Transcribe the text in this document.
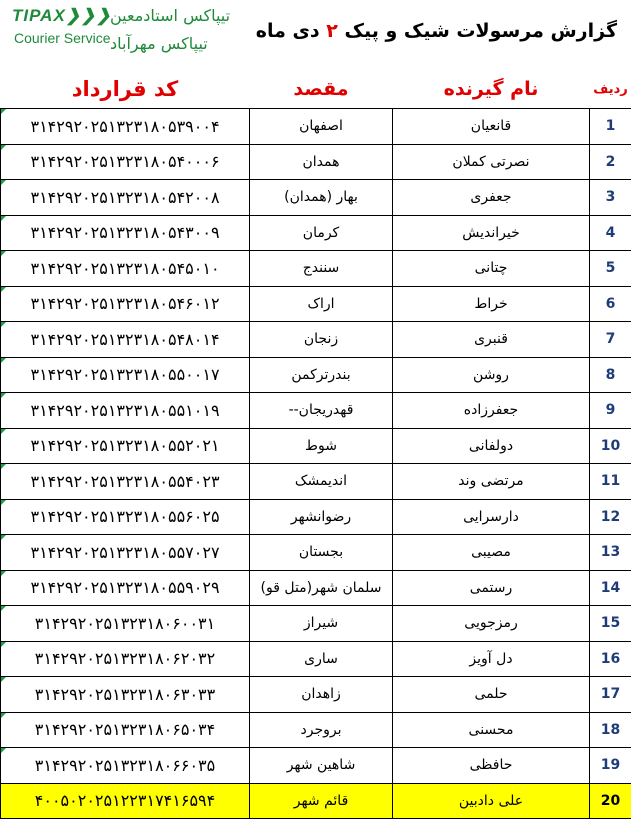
TIPAX❯❯❯
Courier Service
تیپاکس استادمعین
تیپاکس مهرآباد
گزارش مرسولات شیک و پیک ۲ دی ماه
کد قرارداد	مقصد	نام گیرنده	ردیف
۳۱۴۲۹۲۰۲۵۱۳۲۳۱۸۰۵۳۹۰۰۴	اصفهان	قانعیان	1
۳۱۴۲۹۲۰۲۵۱۳۲۳۱۸۰۵۴۰۰۰۶	همدان	نصرتی کملان	2
۳۱۴۲۹۲۰۲۵۱۳۲۳۱۸۰۵۴۲۰۰۸	بهار (همدان)	جعفری	3
۳۱۴۲۹۲۰۲۵۱۳۲۳۱۸۰۵۴۳۰۰۹	کرمان	خیراندیش	4
۳۱۴۲۹۲۰۲۵۱۳۲۳۱۸۰۵۴۵۰۱۰	سنندج	چتانی	5
۳۱۴۲۹۲۰۲۵۱۳۲۳۱۸۰۵۴۶۰۱۲	اراک	خراط	6
۳۱۴۲۹۲۰۲۵۱۳۲۳۱۸۰۵۴۸۰۱۴	زنجان	قنبری	7
۳۱۴۲۹۲۰۲۵۱۳۲۳۱۸۰۵۵۰۰۱۷	بندرترکمن	روشن	8
۳۱۴۲۹۲۰۲۵۱۳۲۳۱۸۰۵۵۱۰۱۹	قهدریجان--	جعفرزاده	9
۳۱۴۲۹۲۰۲۵۱۳۲۳۱۸۰۵۵۲۰۲۱	شوط	دولفانی	10
۳۱۴۲۹۲۰۲۵۱۳۲۳۱۸۰۵۵۴۰۲۳	اندیمشک	مرتضی وند	11
۳۱۴۲۹۲۰۲۵۱۳۲۳۱۸۰۵۵۶۰۲۵	رضوانشهر	دارسرایی	12
۳۱۴۲۹۲۰۲۵۱۳۲۳۱۸۰۵۵۷۰۲۷	بجستان	مصیبی	13
۳۱۴۲۹۲۰۲۵۱۳۲۳۱۸۰۵۵۹۰۲۹	سلمان شهر(متل قو)	رستمی	14
۳۱۴۲۹۲۰۲۵۱۳۲۳۱۸۰۶۰۰۳۱	شیراز	رمزجویی	15
۳۱۴۲۹۲۰۲۵۱۳۲۳۱۸۰۶۲۰۳۲	ساری	دل آویز	16
۳۱۴۲۹۲۰۲۵۱۳۲۳۱۸۰۶۳۰۳۳	زاهدان	حلمی	17
۳۱۴۲۹۲۰۲۵۱۳۲۳۱۸۰۶۵۰۳۴	بروجرد	محسنی	18
۳۱۴۲۹۲۰۲۵۱۳۲۳۱۸۰۶۶۰۳۵	شاهین شهر	حافظی	19
۴۰۰۵۰۲۰۲۵۱۲۲۳۱۷۴۱۶۵۹۴	قائم شهر	علی دادبین	20
